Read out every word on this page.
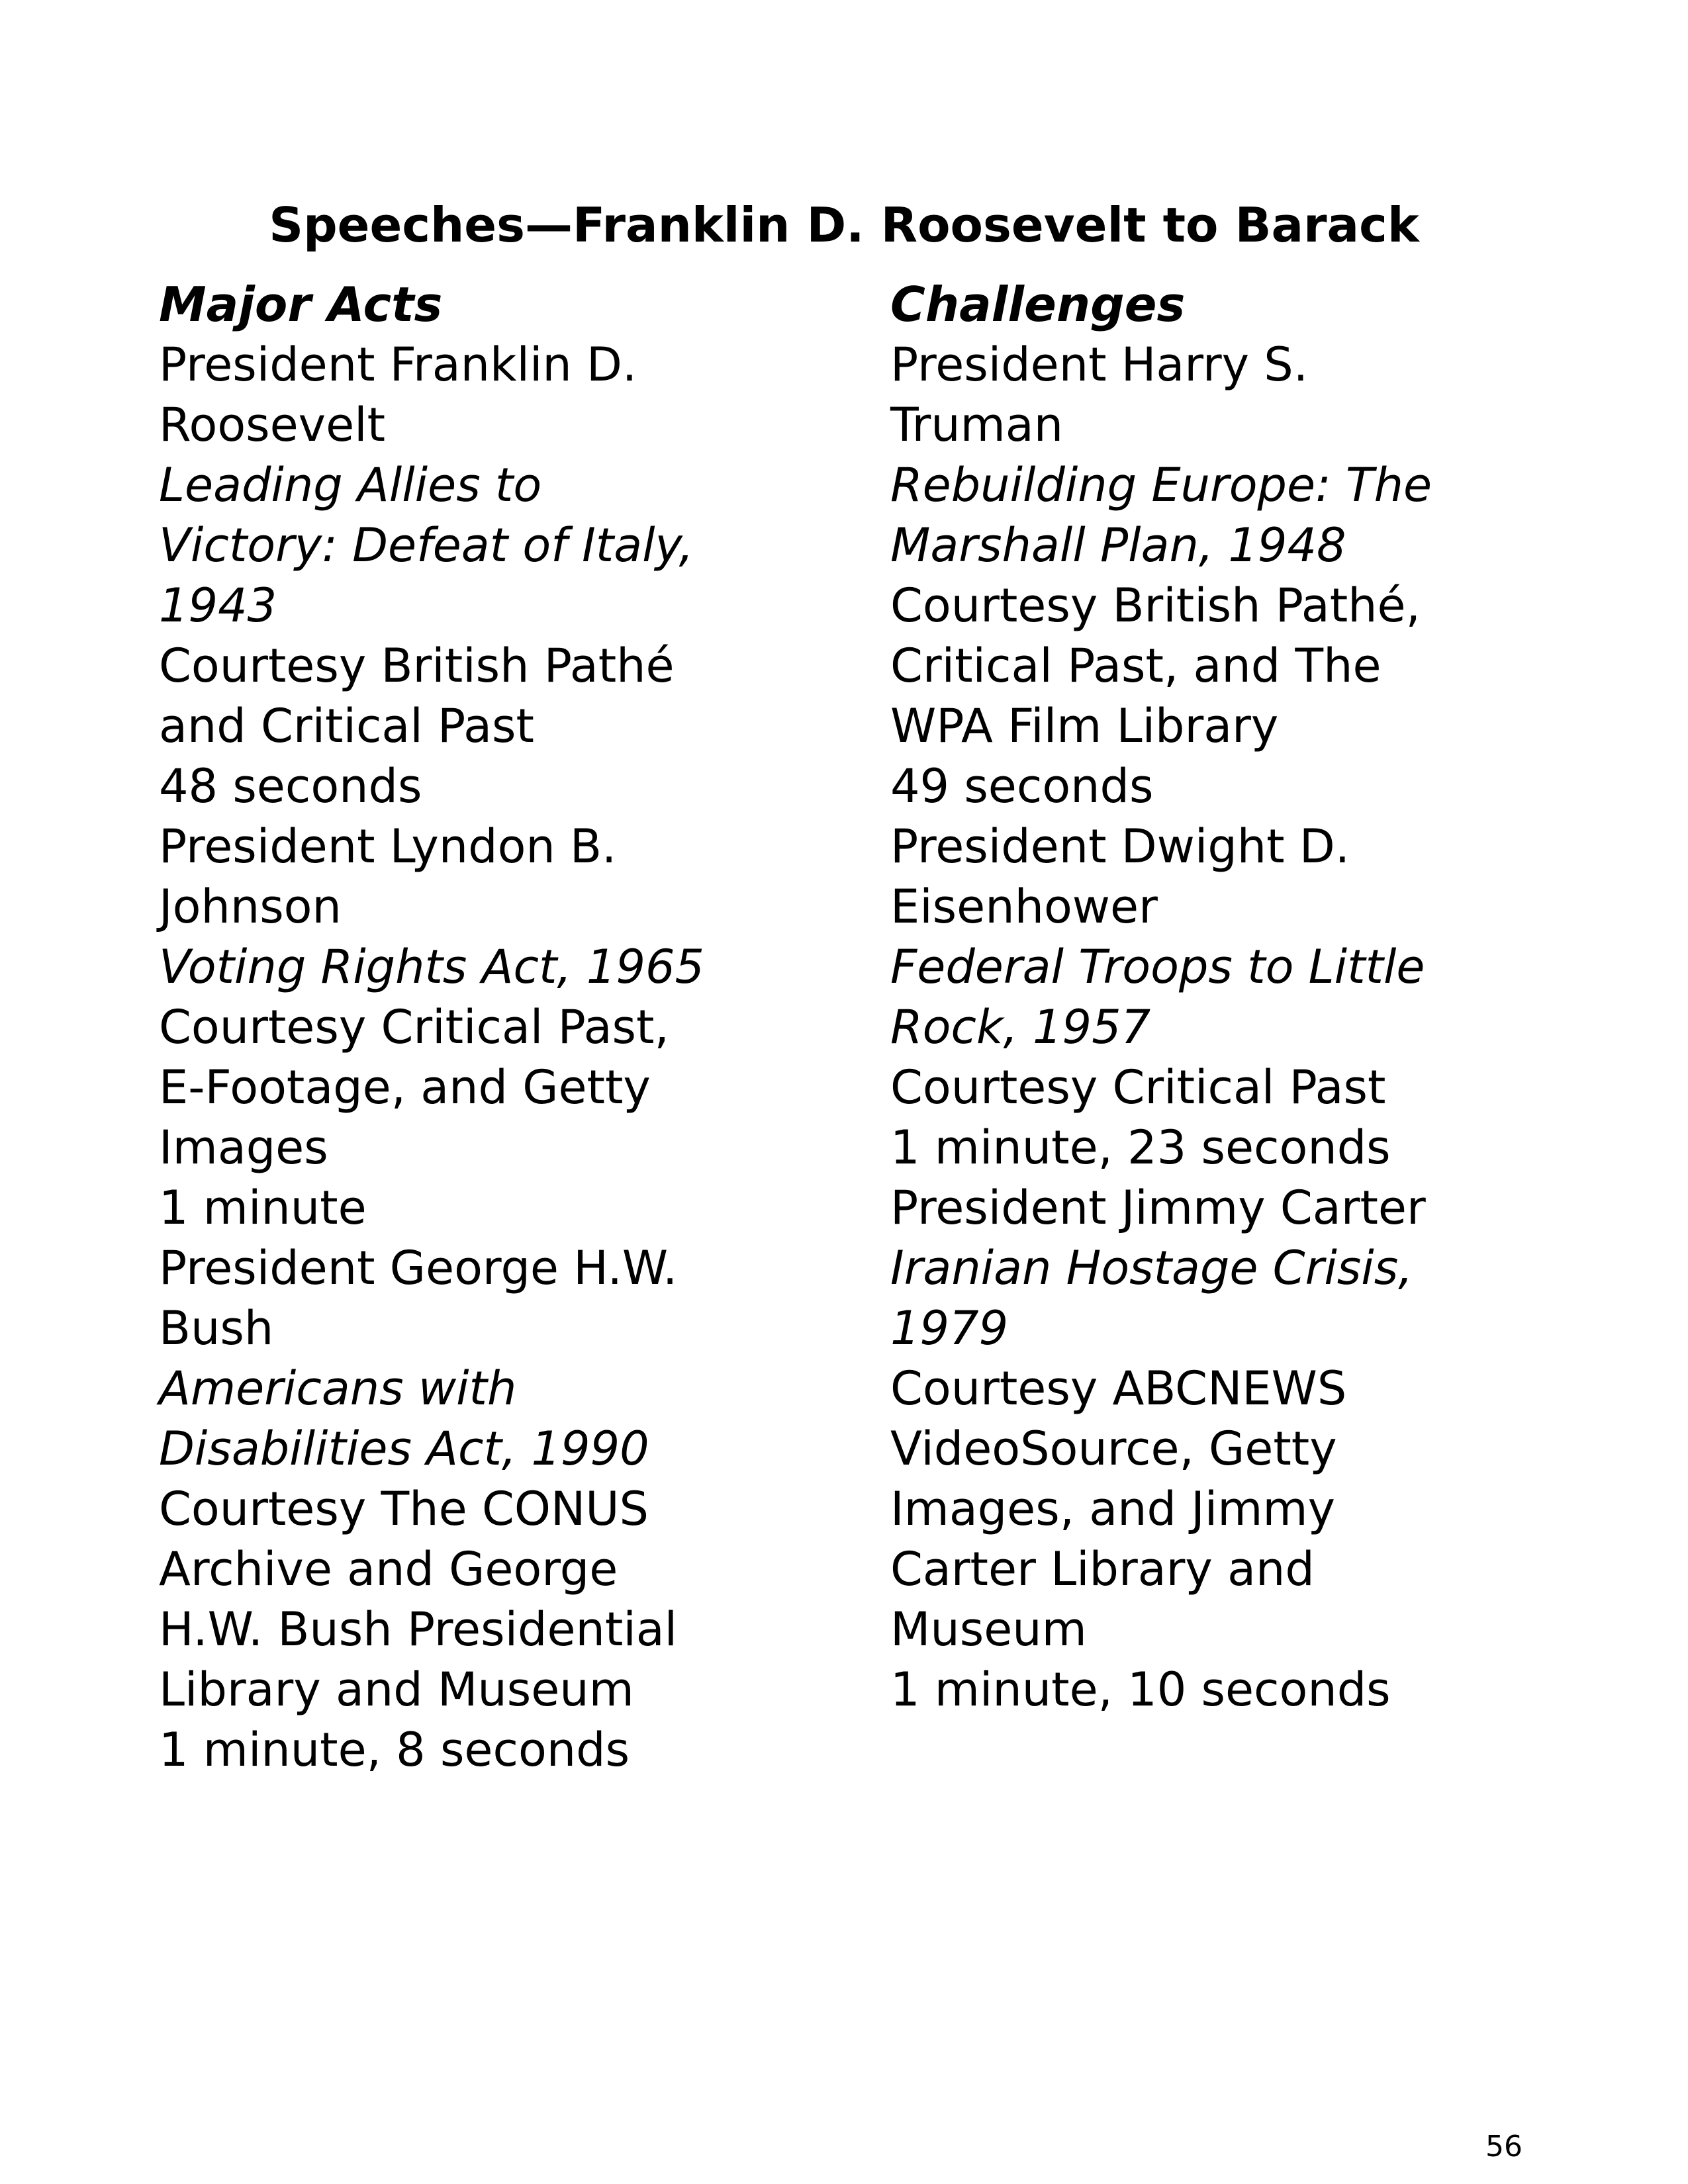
Speeches—Franklin D. Roosevelt to Barack
Major Acts
President Franklin D.
Roosevelt
Leading Allies to
Victory: Defeat of Italy,
1943
Courtesy British Pathé
and Critical Past
48 seconds
President Lyndon B.
Johnson
Voting Rights Act, 1965
Courtesy Critical Past,
E-Footage, and Getty
Images
1 minute
President George H.W.
Bush
Americans with
Disabilities Act, 1990
Courtesy The CONUS
Archive and George
H.W. Bush Presidential
Library and Museum
1 minute, 8 seconds
Challenges
President Harry S.
Truman
Rebuilding Europe: The
Marshall Plan, 1948
Courtesy British Pathé,
Critical Past, and The
WPA Film Library
49 seconds
President Dwight D.
Eisenhower
Federal Troops to Little
Rock, 1957
Courtesy Critical Past
1 minute, 23 seconds
President Jimmy Carter
Iranian Hostage Crisis,
1979
Courtesy ABCNEWS
VideoSource, Getty
Images, and Jimmy
Carter Library and
Museum
1 minute, 10 seconds
56
